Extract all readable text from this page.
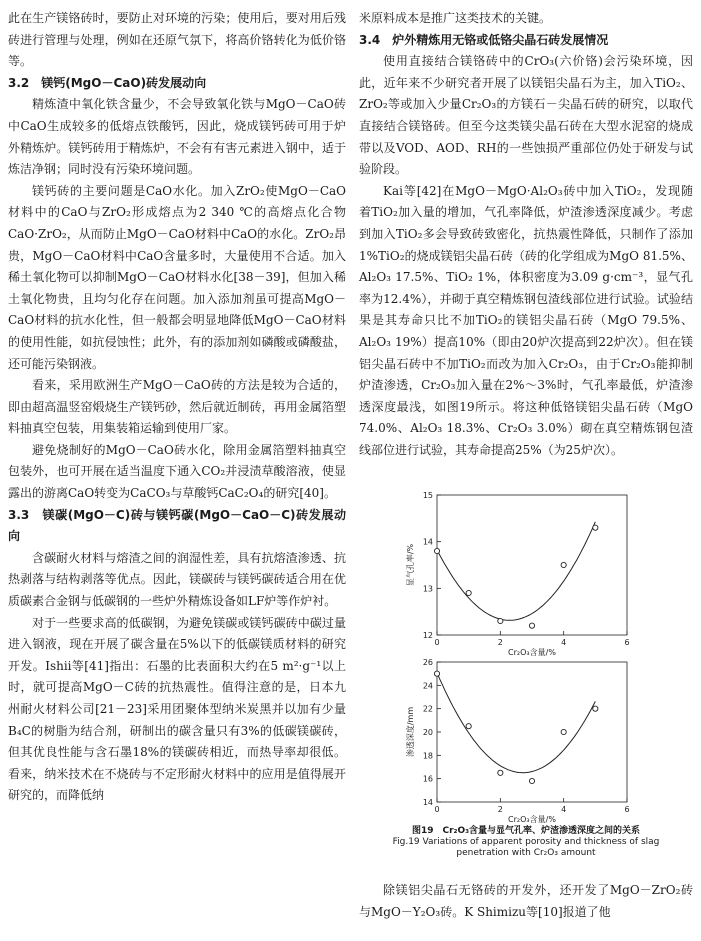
此在生产镁铬砖时，要防止对环境的污染；使用后，要对用后残砖进行管理与处理，例如在还原气氛下，将高价铬转化为低价铬等。

3.2　镁钙(MgO－CaO)砖发展动向

精炼渣中氧化铁含量少，不会导致氧化铁与MgO－CaO砖中CaO生成较多的低熔点铁酸钙，因此，烧成镁钙砖可用于炉外精炼炉。镁钙砖用于精炼炉，不会有有害元素进入钢中，适于炼洁净钢；同时没有污染环境问题。

镁钙砖的主要问题是CaO水化。加入ZrO₂使MgO－CaO材料中的CaO与ZrO₂形成熔点为2 340 ℃的高熔点化合物CaO·ZrO₂，从而防止MgO－CaO材料中CaO的水化。ZrO₂昂贵，MgO－CaO材料中CaO含量多时，大量使用不合适。加入稀土氧化物可以抑制MgO－CaO材料水化[38－39]，但加入稀土氧化物贵，且均匀化存在问题。加入添加剂虽可提高MgO－CaO材料的抗水化性，但一般都会明显地降低MgO－CaO材料的使用性能，如抗侵蚀性；此外，有的添加剂如磷酸或磷酸盐，还可能污染钢液。

看来，采用欧洲生产MgO－CaO砖的方法是较为合适的，即由超高温竖窑煅烧生产镁钙砂，然后就近制砖，再用金属箔塑料抽真空包装，用集装箱运输到使用厂家。

避免烧制好的MgO－CaO砖水化，除用金属箔塑料抽真空包装外，也可开展在适当温度下通入CO₂并浸渍草酸溶液，使显露出的游离CaO转变为CaCO₃与草酸钙CaC₂O₄的研究[40]。

3.3　镁碳(MgO－C)砖与镁钙碳(MgO－CaO－C)砖发展动向

含碳耐火材料与熔渣之间的润湿性差，具有抗熔渣渗透、抗热剥落与结构剥落等优点。因此，镁碳砖与镁钙碳砖适合用在优质碳素合金钢与低碳钢的一些炉外精炼设备如LF炉等作炉衬。

对于一些要求高的低碳钢，为避免镁碳或镁钙碳砖中碳过量进入钢液，现在开展了碳含量在5%以下的低碳镁质材料的研究开发。Ishii等[41]指出：石墨的比表面积大约在5 m²·g⁻¹以上时，就可提高MgO－C砖的抗热震性。值得注意的是，日本九州耐火材料公司[21－23]采用团聚体型纳米炭黑并以加有少量B₄C的树脂为结合剂，研制出的碳含量只有3%的低碳镁碳砖，但其优良性能与含石墨18%的镁碳砖相近，而热导率却很低。看来，纳米技术在不烧砖与不定形耐火材料中的应用是值得展开研究的，而降低纳

米原料成本是推广这类技术的关键。

3.4　炉外精炼用无铬或低铬尖晶石砖发展情况

使用直接结合镁铬砖中的CrO₃(六价铬)会污染环境，因此，近年来不少研究者开展了以镁铝尖晶石为主，加入TiO₂、ZrO₂等或加入少量Cr₂O₃的方镁石－尖晶石砖的研究，以取代直接结合镁铬砖。但至今这类镁尖晶石砖在大型水泥窑的烧成带以及VOD、AOD、RH的一些蚀损严重部位仍处于研发与试验阶段。

Kai等[42]在MgO－MgO·Al₂O₃砖中加入TiO₂，发现随着TiO₂加入量的增加，气孔率降低，炉渣渗透深度减少。考虑到加入TiO₂多会导致砖致密化，抗热震性降低，只制作了添加1%TiO₂的烧成镁铝尖晶石砖（砖的化学组成为MgO 81.5%、Al₂O₃ 17.5%、TiO₂ 1%，体积密度为3.09 g·cm⁻³，显气孔率为12.4%），并砌于真空精炼钢包渣线部位进行试验。试验结果是其寿命只比不加TiO₂的镁铝尖晶石砖（MgO 79.5%、Al₂O₃ 19%）提高10%（即由20炉次提高到22炉次）。但在镁铝尖晶石砖中不加TiO₂而改为加入Cr₂O₃，由于Cr₂O₃能抑制炉渣渗透，Cr₂O₃加入量在2%～3%时，气孔率最低，炉渣渗透深度最浅，如图19所示。将这种低铬镁铝尖晶石砖（MgO 74.0%、Al₂O₃ 18.3%、Cr₂O₃ 3.0%）砌在真空精炼钢包渣线部位进行试验，其寿命提高25%（为25炉次）。

12
13
14
15
0	2	4	6
Cr₂O₃含量/%
显气孔率/%
14
16
18
20
22
24
26
0	2	4	6
Cr₂O₃含量/%
渗透深度/mm

图19　Cr₂O₃含量与显气孔率、炉渣渗透深度之间的关系

Fig.19 Variations of apparent porosity and thickness of slag

penetration with Cr₂O₃ amount

除镁铝尖晶石无铬砖的开发外，还开发了MgO－ZrO₂砖与MgO－Y₂O₃砖。K Shimizu等[10]报道了他
